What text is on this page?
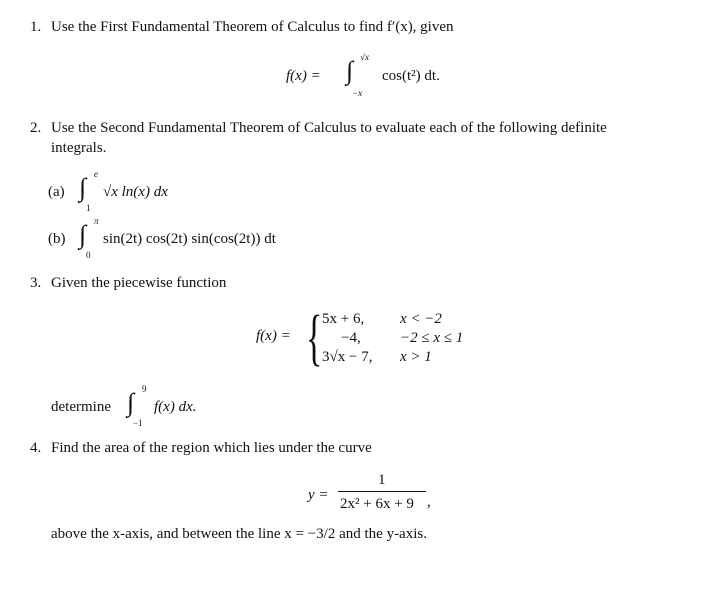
1. Use the First Fundamental Theorem of Calculus to find f′(x), given
f(x) = ∫ √x
−x
cos(t²) dt.
2. Use the Second Fundamental Theorem of Calculus to evaluate each of the following definite
integrals.
(a) ∫ e
1
√x ln(x) dx
(b) ∫ π
0
sin(2t) cos(2t) sin(cos(2t)) dt
3. Given the piecewise function
f(x) = { 5x + 6, x < −2
−4,	−2 ≤ x ≤ 1
3√x − 7, x > 1
determine ∫ 9
−1
f(x) dx.
4. Find the area of the region which lies under the curve
y =
1
2x² + 6x + 9 ,
above the x-axis, and between the line x = −3/2 and the y-axis.
